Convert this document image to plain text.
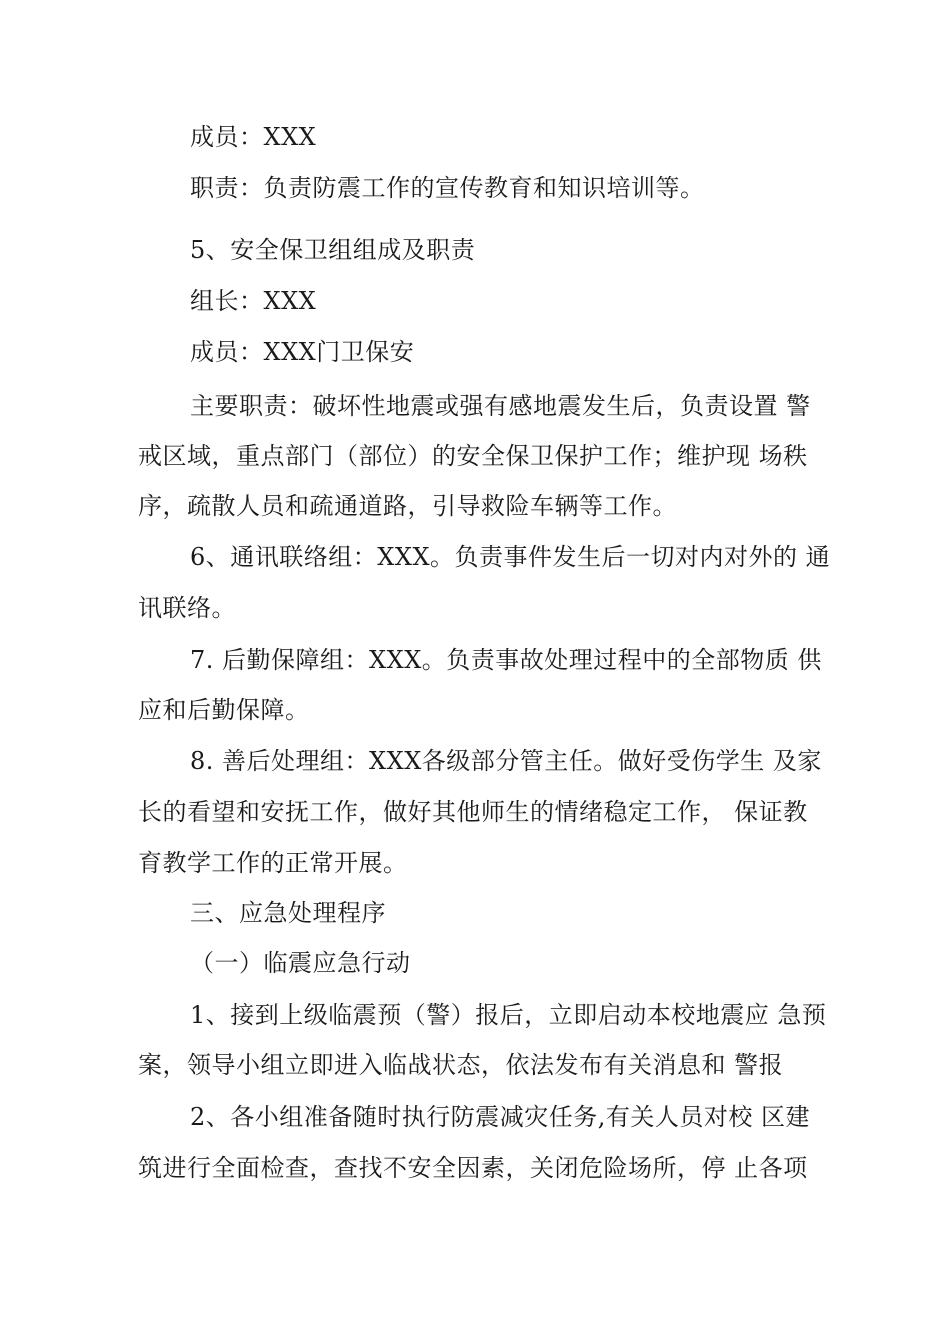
成员：XXX
职责：负责防震工作的宣传教育和知识培训等。
5、安全保卫组组成及职责
组长：XXX
成员：XXX门卫保安
主要职责：破坏性地震或强有感地震发生后，负责设置 警
戒区域，重点部门（部位）的安全保卫保护工作；维护现 场秩
序，疏散人员和疏通道路，引导救险车辆等工作。
6、通讯联络组：XXX。负责事件发生后一切对内对外的 通
讯联络。
7. 后勤保障组：XXX。负责事故处理过程中的全部物质 供
应和后勤保障。
8. 善后处理组：XXX各级部分管主任。做好受伤学生 及家
长的看望和安抚工作，做好其他师生的情绪稳定工作， 保证教
育教学工作的正常开展。
三、应急处理程序
（一）临震应急行动
1、接到上级临震预（警）报后，立即启动本校地震应 急预
案，领导小组立即进入临战状态，依法发布有关消息和 警报
2、各小组准备随时执行防震减灾任务,有关人员对校 区建
筑进行全面检查，查找不安全因素，关闭危险场所，停 止各项
